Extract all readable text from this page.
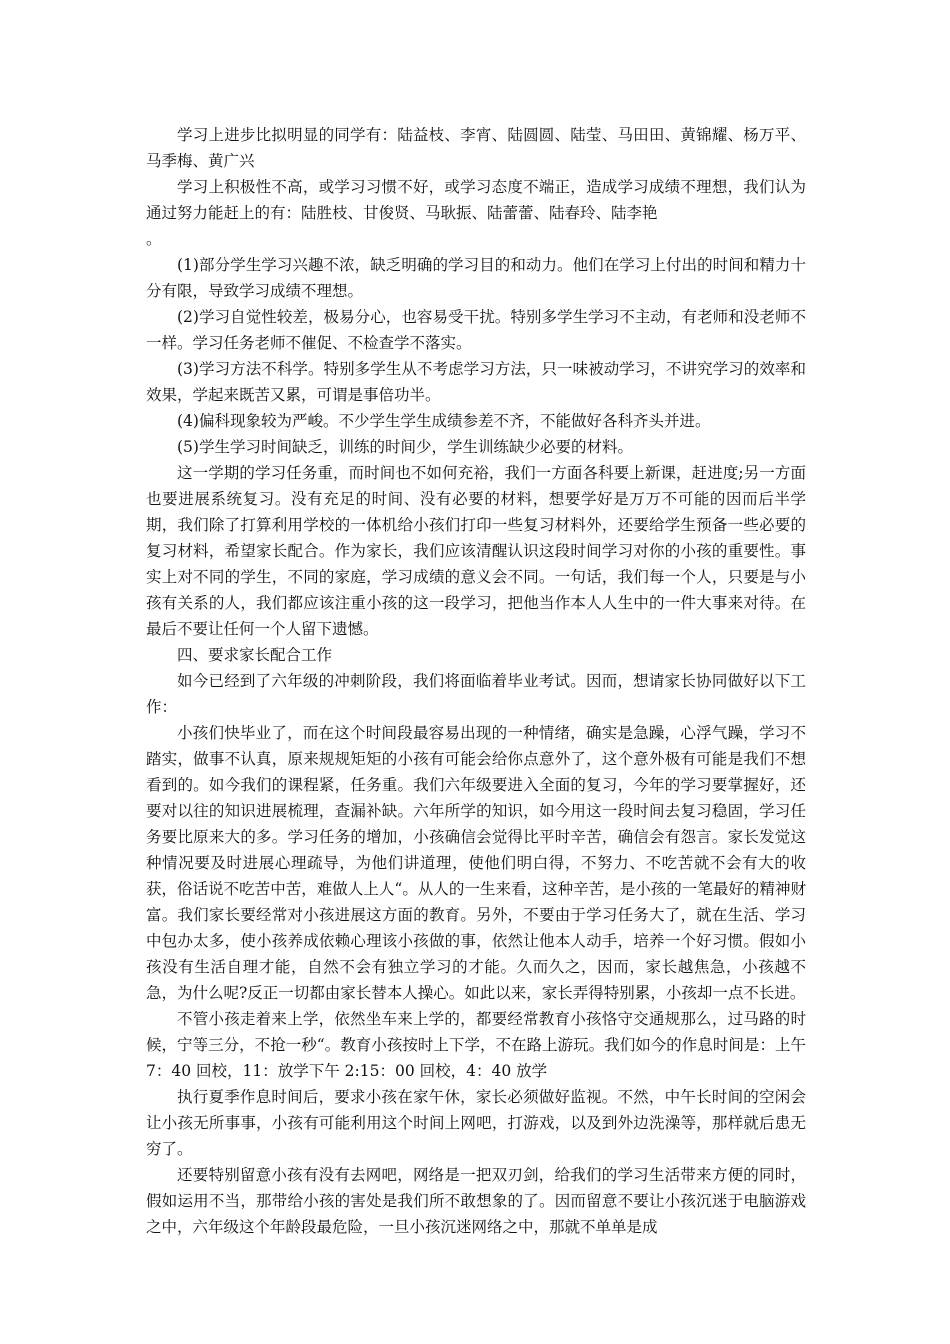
学习上进步比拟明显的同学有：陆益枝、李宵、陆圆圆、陆莹、马田田、黄锦耀、杨万平、马季梅、黄广兴

学习上积极性不高，或学习习惯不好，或学习态度不端正，造成学习成绩不理想，我们认为通过努力能赶上的有：陆胜枝、甘俊贤、马耿振、陆蕾蕾、陆春玲、陆李艳

。

(1)部分学生学习兴趣不浓，缺乏明确的学习目的和动力。他们在学习上付出的时间和精力十分有限，导致学习成绩不理想。

(2)学习自觉性较差，极易分心，也容易受干扰。特别多学生学习不主动，有老师和没老师不一样。学习任务老师不催促、不检查学不落实。

(3)学习方法不科学。特别多学生从不考虑学习方法，只一味被动学习，不讲究学习的效率和效果，学起来既苦又累，可谓是事倍功半。

(4)偏科现象较为严峻。不少学生学生成绩参差不齐，不能做好各科齐头并进。

(5)学生学习时间缺乏，训练的时间少，学生训练缺少必要的材料。

这一学期的学习任务重，而时间也不如何充裕，我们一方面各科要上新课，赶进度;另一方面也要进展系统复习。没有充足的时间、没有必要的材料，想要学好是万万不可能的因而后半学期，我们除了打算利用学校的一体机给小孩们打印一些复习材料外，还要给学生预备一些必要的复习材料，希望家长配合。作为家长，我们应该清醒认识这段时间学习对你的小孩的重要性。事实上对不同的学生，不同的家庭，学习成绩的意义会不同。一句话，我们每一个人，只要是与小孩有关系的人，我们都应该注重小孩的这一段学习，把他当作本人人生中的一件大事来对待。在最后不要让任何一个人留下遗憾。

四、要求家长配合工作

如今已经到了六年级的冲刺阶段，我们将面临着毕业考试。因而，想请家长协同做好以下工作：

小孩们快毕业了，而在这个时间段最容易出现的一种情绪，确实是急躁，心浮气躁，学习不踏实，做事不认真，原来规规矩矩的小孩有可能会给你点意外了，这个意外极有可能是我们不想看到的。如今我们的课程紧，任务重。我们六年级要进入全面的复习，今年的学习要掌握好，还要对以往的知识进展梳理，查漏补缺。六年所学的知识，如今用这一段时间去复习稳固，学习任务要比原来大的多。学习任务的增加，小孩确信会觉得比平时辛苦，确信会有怨言。家长发觉这种情况要及时进展心理疏导，为他们讲道理，使他们明白得，不努力、不吃苦就不会有大的收获，俗话说不吃苦中苦，难做人上人“。从人的一生来看，这种辛苦，是小孩的一笔最好的精神财富。我们家长要经常对小孩进展这方面的教育。另外，不要由于学习任务大了，就在生活、学习中包办太多，使小孩养成依赖心理该小孩做的事，依然让他本人动手，培养一个好习惯。假如小孩没有生活自理才能，自然不会有独立学习的才能。久而久之，因而，家长越焦急，小孩越不急，为什么呢?反正一切都由家长替本人操心。如此以来，家长弄得特别累，小孩却一点不长进。

不管小孩走着来上学，依然坐车来上学的，都要经常教育小孩恪守交通规那么，过马路的时候，宁等三分，不抢一秒“。教育小孩按时上下学，不在路上游玩。我们如今的作息时间是：上午 7：40 回校，11：放学下午 2:15：00 回校，4：40 放学

执行夏季作息时间后，要求小孩在家午休，家长必须做好监视。不然，中午长时间的空闲会让小孩无所事事，小孩有可能利用这个时间上网吧，打游戏，以及到外边洗澡等，那样就后患无穷了。

还要特别留意小孩有没有去网吧，网络是一把双刃剑，给我们的学习生活带来方便的同时，假如运用不当，那带给小孩的害处是我们所不敢想象的了。因而留意不要让小孩沉迷于电脑游戏之中，六年级这个年龄段最危险，一旦小孩沉迷网络之中，那就不单单是成
